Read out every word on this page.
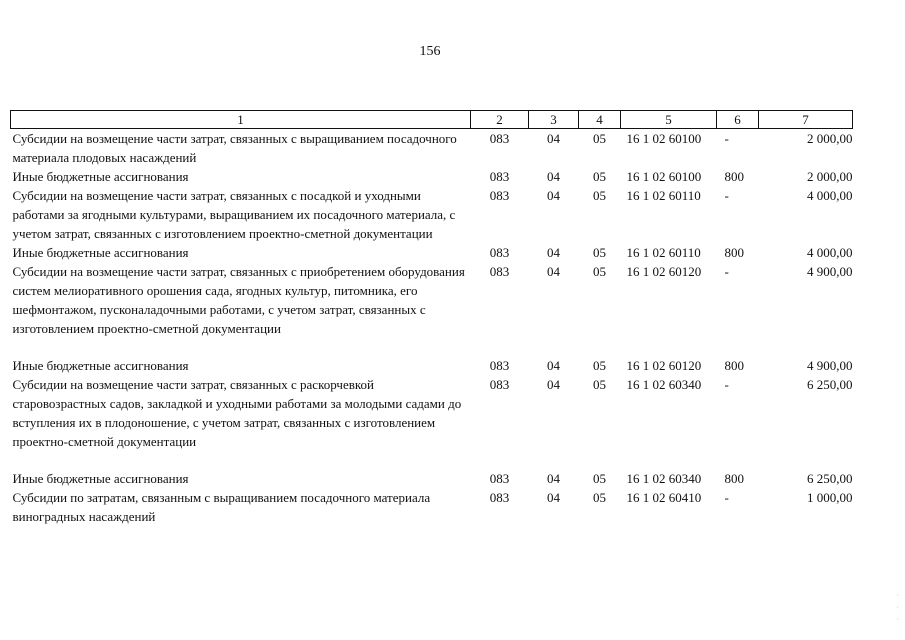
156
1	2	3	4	5	6	7
Субсидии на возмещение части затрат, связанных с выращиванием посадочного материала плодовых насаждений	083	04	05	16 1 02 60100	-	2 000,00
Иные бюджетные ассигнования	083	04	05	16 1 02 60100	800	2 000,00
Субсидии на возмещение части затрат, связанных с посадкой и уходными работами за ягодными культурами, выращиванием их посадочного материала, с учетом затрат, связанных с изготовлением проектно-сметной документации	083	04	05	16 1 02 60110	-	4 000,00
Иные бюджетные ассигнования	083	04	05	16 1 02 60110	800	4 000,00
Субсидии на возмещение части затрат, связанных с приобретением оборудования систем мелиоративного орошения сада, ягодных культур, питомника, его шефмонтажом, пусконаладочными работами, с учетом затрат, связанных с изготовлением проектно-сметной документации	083	04	05	16 1 02 60120	-	4 900,00
Иные бюджетные ассигнования	083	04	05	16 1 02 60120	800	4 900,00
Субсидии на возмещение части затрат, связанных с раскорчевкой старовозрастных садов, закладкой и уходными работами за молодыми садами до вступления их в плодоношение, с учетом затрат, связанных с изготовлением проектно-сметной документации	083	04	05	16 1 02 60340	-	6 250,00
Иные бюджетные ассигнования	083	04	05	16 1 02 60340	800	6 250,00
Субсидии по затратам, связанным с выращиванием посадочного материала виноградных насаждений	083	04	05	16 1 02 60410	-	1 000,00
·
·
·
